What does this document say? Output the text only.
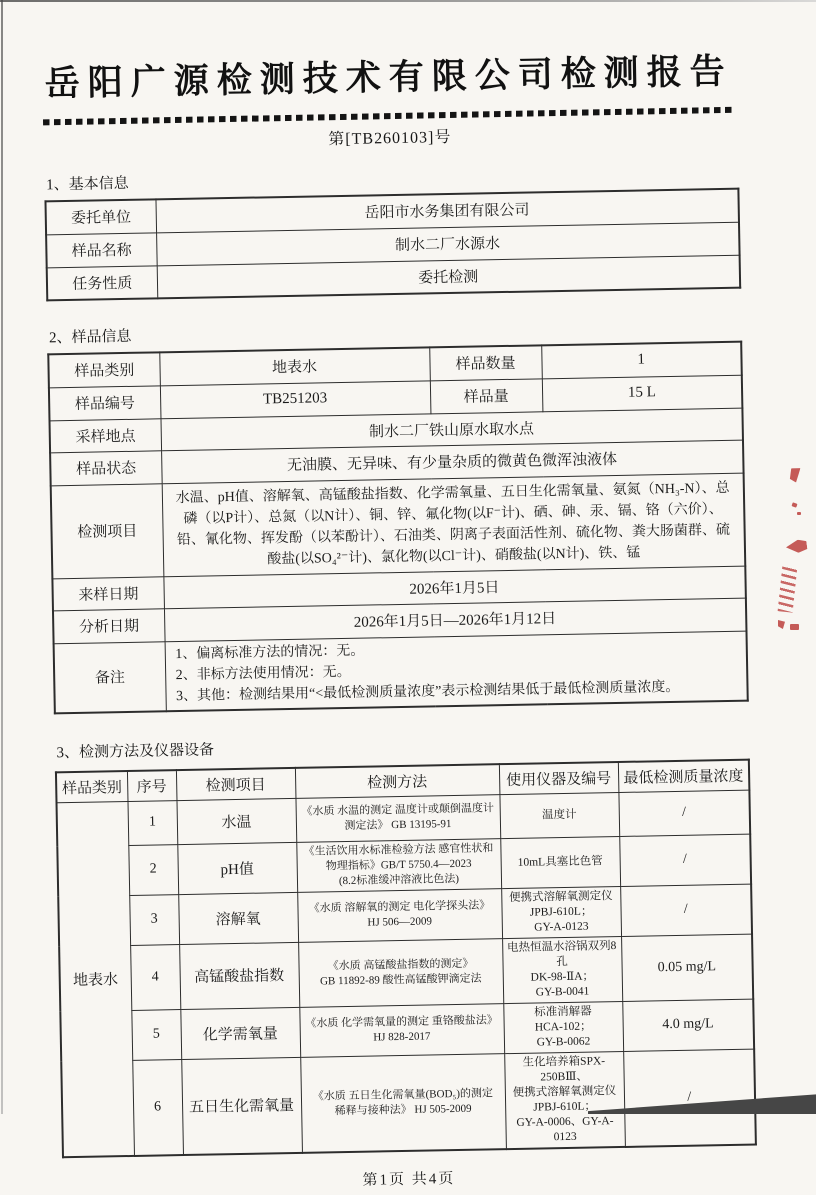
岳阳广源检测技术有限公司检测报告
第[TB260103]号
1、基本信息
委托单位	岳阳市水务集团有限公司
样品名称	制水二厂水源水
任务性质	委托检测
2、样品信息
样品类别	地表水	样品数量	1
样品编号	TB251203	样品量	15 L
采样地点	制水二厂铁山原水取水点		
样品状态	无油膜、无异味、有少量杂质的微黄色微浑浊液体		
检测项目	水温、pH值、溶解氧、高锰酸盐指数、化学需氧量、五日生化需氧量、氨氮（NH₃-N）、总磷（以P计）、总氮（以N计）、铜、锌、氟化物(以F⁻计)、硒、砷、汞、镉、铬（六价）、铅、氰化物、挥发酚（以苯酚计）、石油类、阴离子表面活性剂、硫化物、粪大肠菌群、硫酸盐(以SO₄²⁻计)、氯化物(以Cl⁻计)、硝酸盐(以N计)、铁、锰		
来样日期	2026年1月5日		
分析日期	2026年1月5日—2026年1月12日		
备注	1、偏离标准方法的情况：无。
2、非标方法使用情况：无。
3、其他：检测结果用“<最低检测质量浓度”表示检测结果低于最低检测质量浓度。		
3、检测方法及仪器设备
样品类别	序号	检测项目	检测方法	使用仪器及编号	最低检测质量浓度
地表水	1	水温	《水质 水温的测定 温度计或颠倒温度计测定法》 GB 13195-91	温度计	/
	2	pH值	《生活饮用水标准检验方法 感官性状和物理指标》GB/T 5750.4—2023
(8.2标准缓冲溶液比色法)	10mL具塞比色管	/
	3	溶解氧	《水质 溶解氧的测定 电化学探头法》
HJ 506—2009	便携式溶解氧测定仪
JPBJ-610L；
GY-A-0123	/
	4	高锰酸盐指数	《水质 高锰酸盐指数的测定》
GB 11892-89 酸性高锰酸钾滴定法	电热恒温水浴锅双列8孔
DK-98-ⅡA；
GY-B-0041	0.05 mg/L
	5	化学需氧量	《水质 化学需氧量的测定 重铬酸盐法》
HJ 828-2017	标准消解器
HCA-102；
GY-B-0062	4.0 mg/L
	6	五日生化需氧量	《水质 五日生化需氧量(BOD₅)的测定 稀释与接种法》 HJ 505-2009	生化培养箱SPX-250BⅢ、
便携式溶解氧测定仪
JPBJ-610L；
GY-A-0006、GY-A-0123	/
第1页 共4页
